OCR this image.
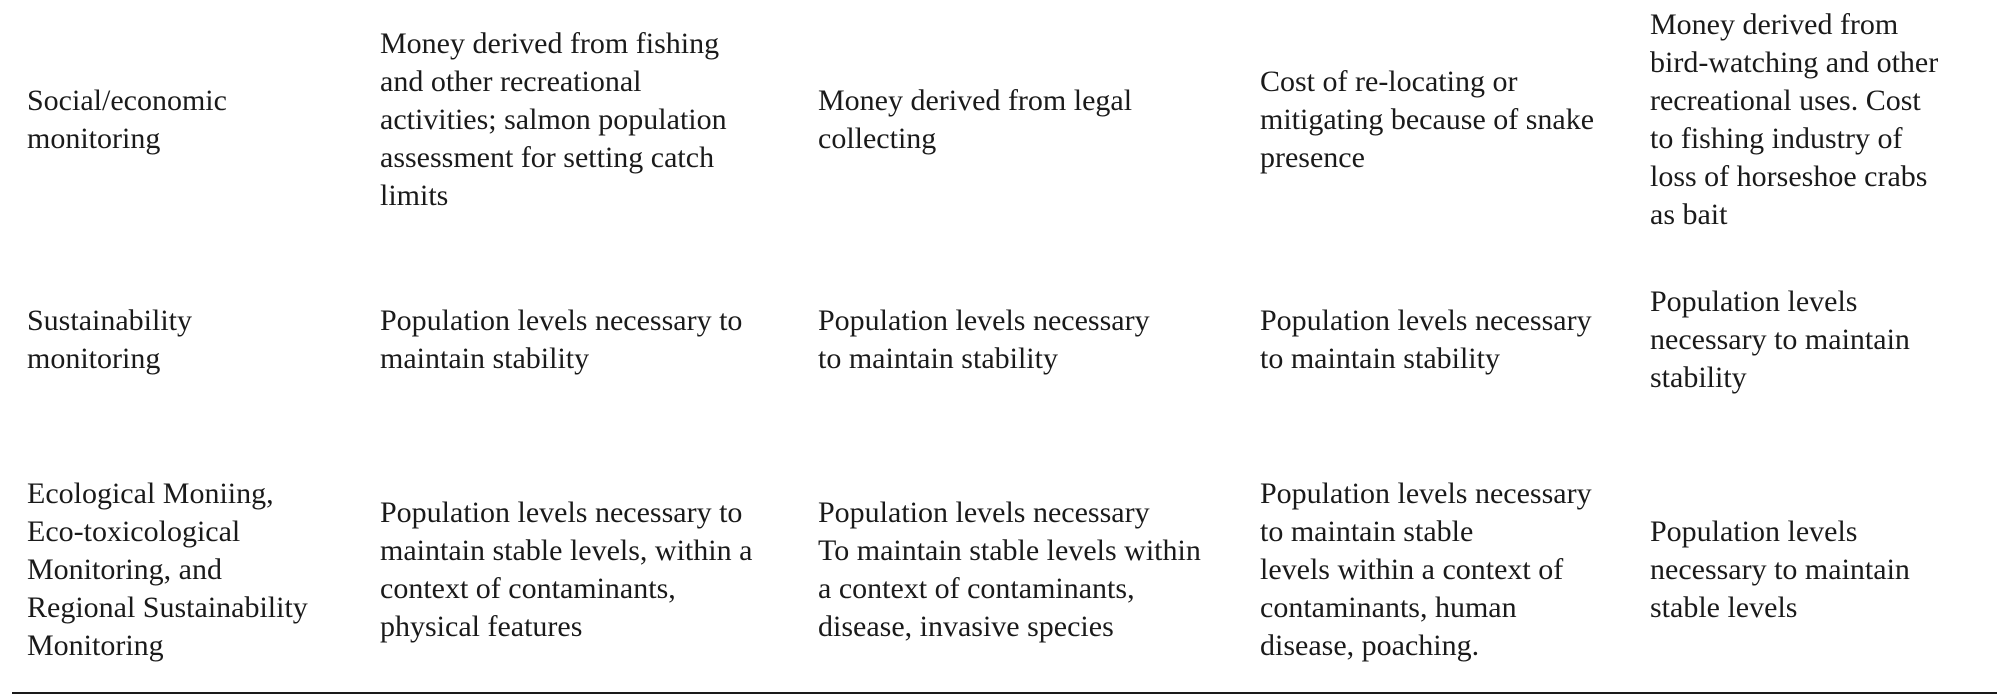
Social/economic
monitoring
Money derived from fishing
and other recreational
activities; salmon population
assessment for setting catch
limits
Money derived from legal
collecting
Cost of re-locating or
mitigating because of snake
presence
Money derived from
bird-watching and other
recreational uses. Cost
to fishing industry of
loss of horseshoe crabs
as bait
Sustainability
monitoring
Population levels necessary to
maintain stability
Population levels necessary
to maintain stability
Population levels necessary
to maintain stability
Population levels
necessary to maintain
stability
Ecological Moniing,
Eco-toxicological
Monitoring, and
Regional Sustainability
Monitoring
Population levels necessary to
maintain stable levels, within a
context of contaminants,
physical features
Population levels necessary
To maintain stable levels within
a context of contaminants,
disease, invasive species
Population levels necessary
to maintain stable
levels within a context of
contaminants, human
disease, poaching.
Population levels
necessary to maintain
stable levels
